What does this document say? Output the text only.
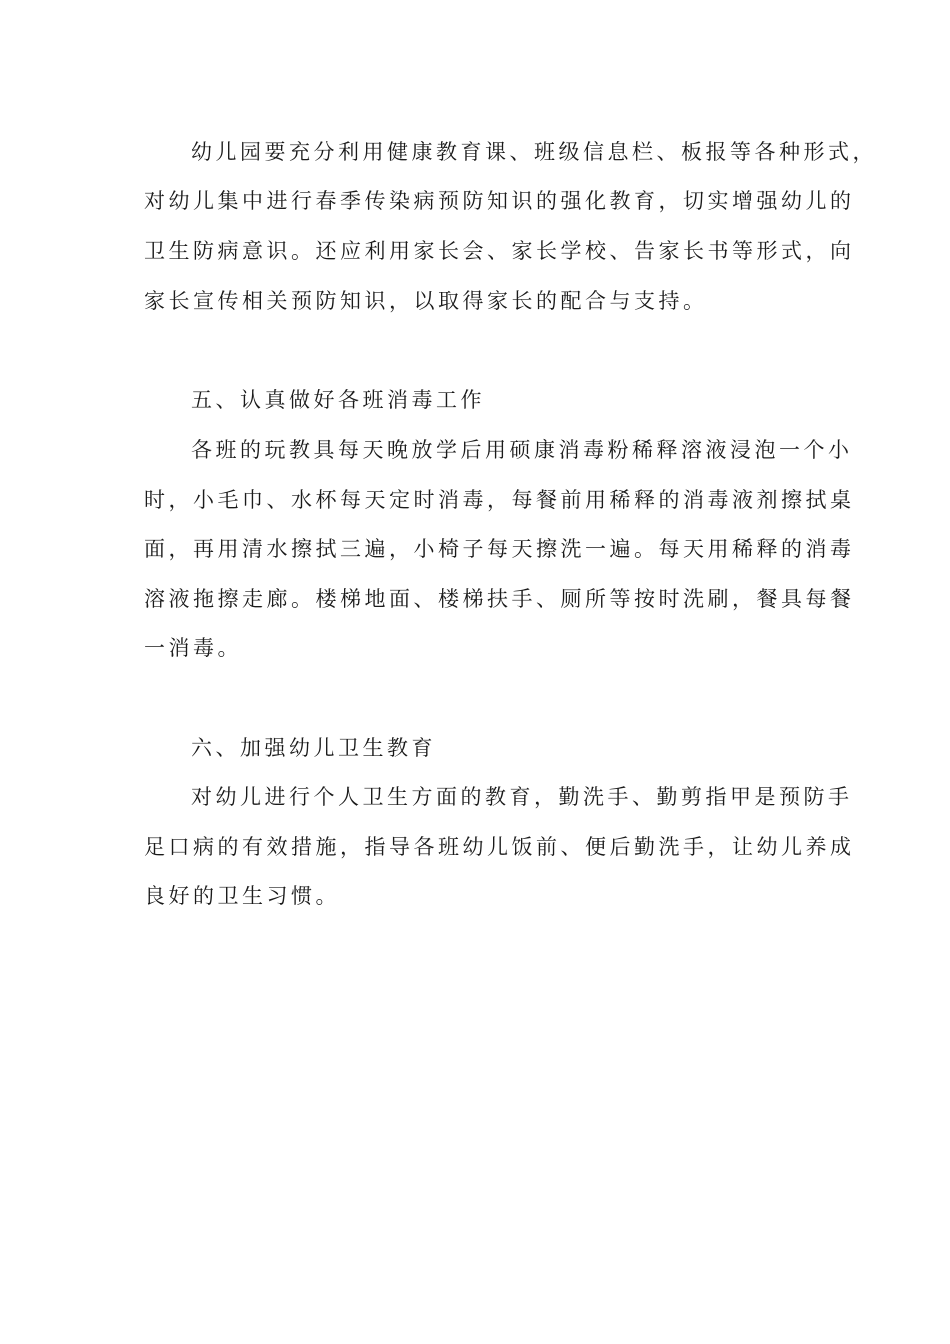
幼儿园要充分利用健康教育课、班级信息栏、板报等各种形式，
对幼儿集中进行春季传染病预防知识的强化教育，切实增强幼儿的
卫生防病意识。还应利用家长会、家长学校、告家长书等形式，向
家长宣传相关预防知识，以取得家长的配合与支持。
五、认真做好各班消毒工作
各班的玩教具每天晚放学后用硕康消毒粉稀释溶液浸泡一个小
时，小毛巾、水杯每天定时消毒，每餐前用稀释的消毒液剂擦拭桌
面，再用清水擦拭三遍，小椅子每天擦洗一遍。每天用稀释的消毒
溶液拖擦走廊。楼梯地面、楼梯扶手、厕所等按时洗刷，餐具每餐
一消毒。
六、加强幼儿卫生教育
对幼儿进行个人卫生方面的教育，勤洗手、勤剪指甲是预防手
足口病的有效措施，指导各班幼儿饭前、便后勤洗手，让幼儿养成
良好的卫生习惯。
